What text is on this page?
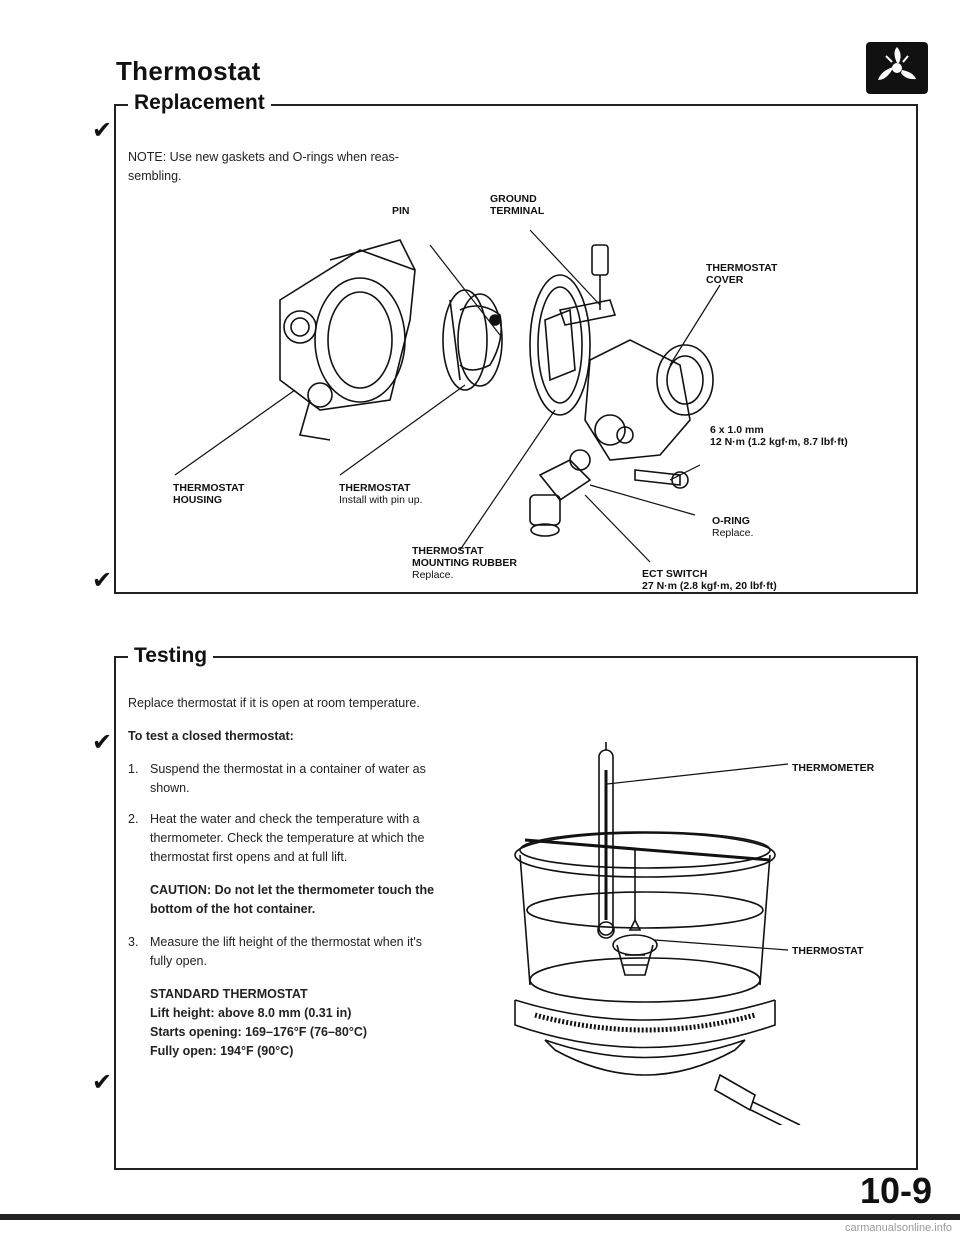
Thermostat
✔
✔
✔
✔
Replacement
NOTE: Use new gaskets and O-rings when reas-
sembling.
PIN
GROUND
TERMINAL
THERMOSTAT
COVER
6 x 1.0 mm
12 N·m (1.2 kgf·m, 8.7 lbf·ft)
THERMOSTAT
HOUSING
THERMOSTAT
Install with pin up.
O-RING
Replace.
THERMOSTAT
MOUNTING RUBBER
Replace.	ECT SWITCH
27 N·m (2.8 kgf·m, 20 lbf·ft)
Testing
Replace thermostat if it is open at room temperature.
To test a closed thermostat:
1. Suspend the thermostat in a container of water as
shown.
2. Heat the water and check the temperature with a
thermometer. Check the temperature at which the
thermostat first opens and at full lift.
CAUTION: Do not let the thermometer touch the
bottom of the hot container.
3. Measure the lift height of the thermostat when it's
fully open.
STANDARD THERMOSTAT
Lift height: above 8.0 mm (0.31 in)
Starts opening: 169–176°F (76–80°C)
Fully open: 194°F (90°C)
THERMOMETER
THERMOSTAT
10-9
carmanualsonline.info
